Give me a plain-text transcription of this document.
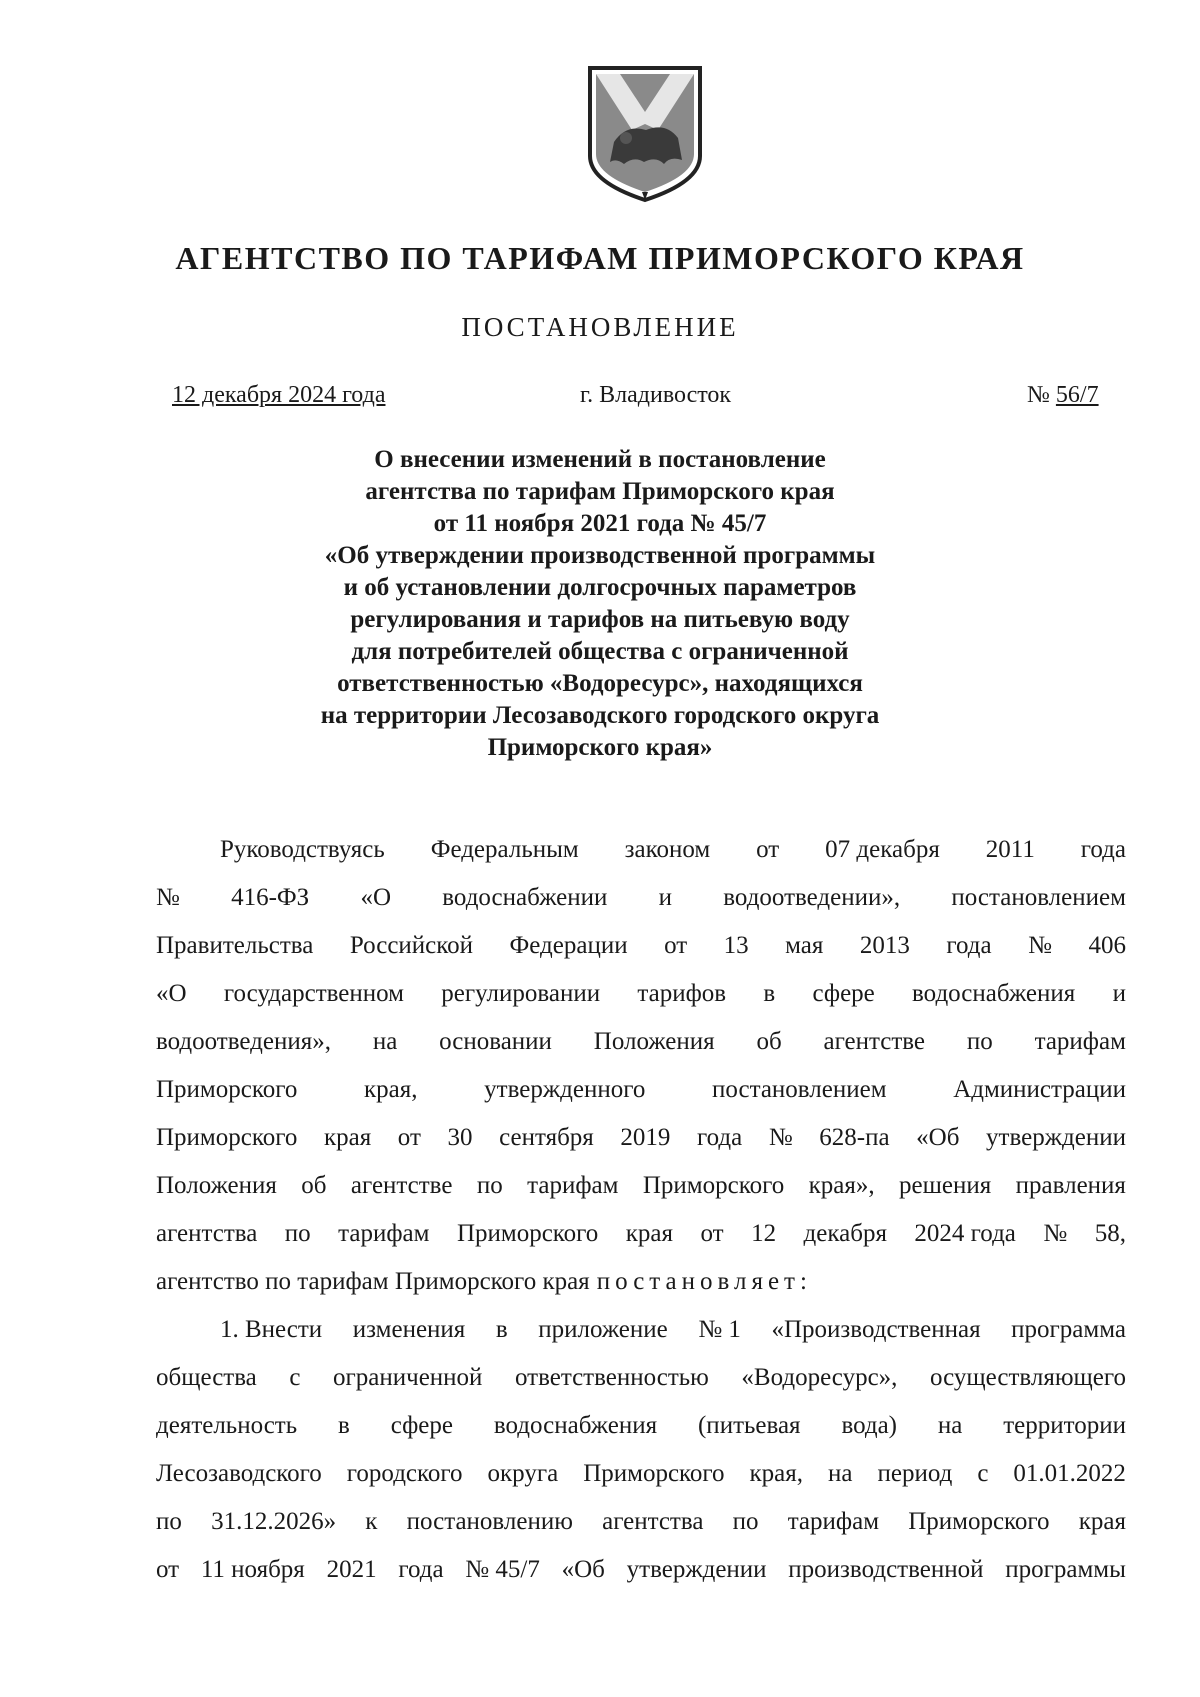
АГЕНТСТВО ПО ТАРИФАМ ПРИМОРСКОГО КРАЯ
ПОСТАНОВЛЕНИЕ
12 декабря 2024 года	г. Владивосток	№ 56/7
О внесении изменений в постановление
агентства по тарифам Приморского края
от 11 ноября 2021 года № 45/7
«Об утверждении производственной программы
и об установлении долгосрочных параметров
регулирования и тарифов на питьевую воду
для потребителей общества с ограниченной
ответственностью «Водоресурс», находящихся
на территории Лесозаводского городского округа
Приморского края»
Руководствуясь Федеральным законом от 07 декабря 2011 года
№ 416-ФЗ «О водоснабжении и водоотведении», постановлением
Правительства Российской Федерации от 13 мая 2013 года № 406
«О государственном регулировании тарифов в сфере водоснабжения и
водоотведения», на основании Положения об агентстве по тарифам
Приморского	края,	утвержденного	постановлением	Администрации
Приморского края от 30 сентября 2019 года № 628-па «Об утверждении
Положения об агентстве по тарифам Приморского края», решения правления
агентства по тарифам Приморского края от 12 декабря 2024 года № 58,
агентство по тарифам Приморского края постановляет:
1. Внести изменения в приложение № 1 «Производственная программа
общества с ограниченной ответственностью «Водоресурс», осуществляющего
деятельность в сфере водоснабжения (питьевая вода) на территории
Лесозаводского городского округа Приморского края, на период с 01.01.2022
по 31.12.2026» к постановлению агентства по тарифам Приморского края
от 11 ноября 2021 года № 45/7 «Об утверждении производственной программы
